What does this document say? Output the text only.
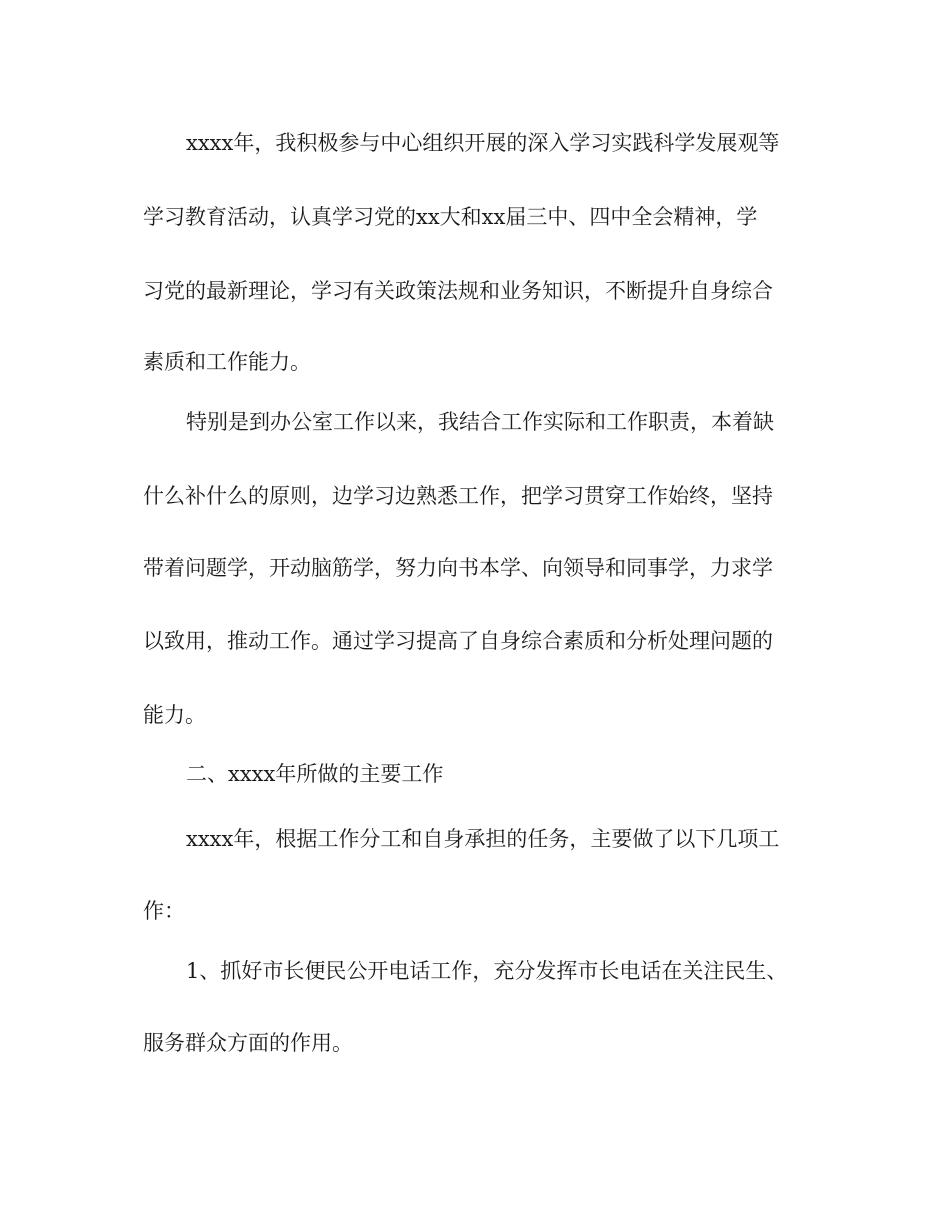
xxxx年，我积极参与中心组织开展的深入学习实践科学发展观等
学习教育活动，认真学习党的xx大和xx届三中、四中全会精神，学
习党的最新理论，学习有关政策法规和业务知识，不断提升自身综合
素质和工作能力。
特别是到办公室工作以来，我结合工作实际和工作职责，本着缺
什么补什么的原则，边学习边熟悉工作，把学习贯穿工作始终，坚持
带着问题学，开动脑筋学，努力向书本学、向领导和同事学，力求学
以致用，推动工作。通过学习提高了自身综合素质和分析处理问题的
能力。
二、xxxx年所做的主要工作
xxxx年，根据工作分工和自身承担的任务，主要做了以下几项工
作：
1、抓好市长便民公开电话工作，充分发挥市长电话在关注民生、
服务群众方面的作用。
